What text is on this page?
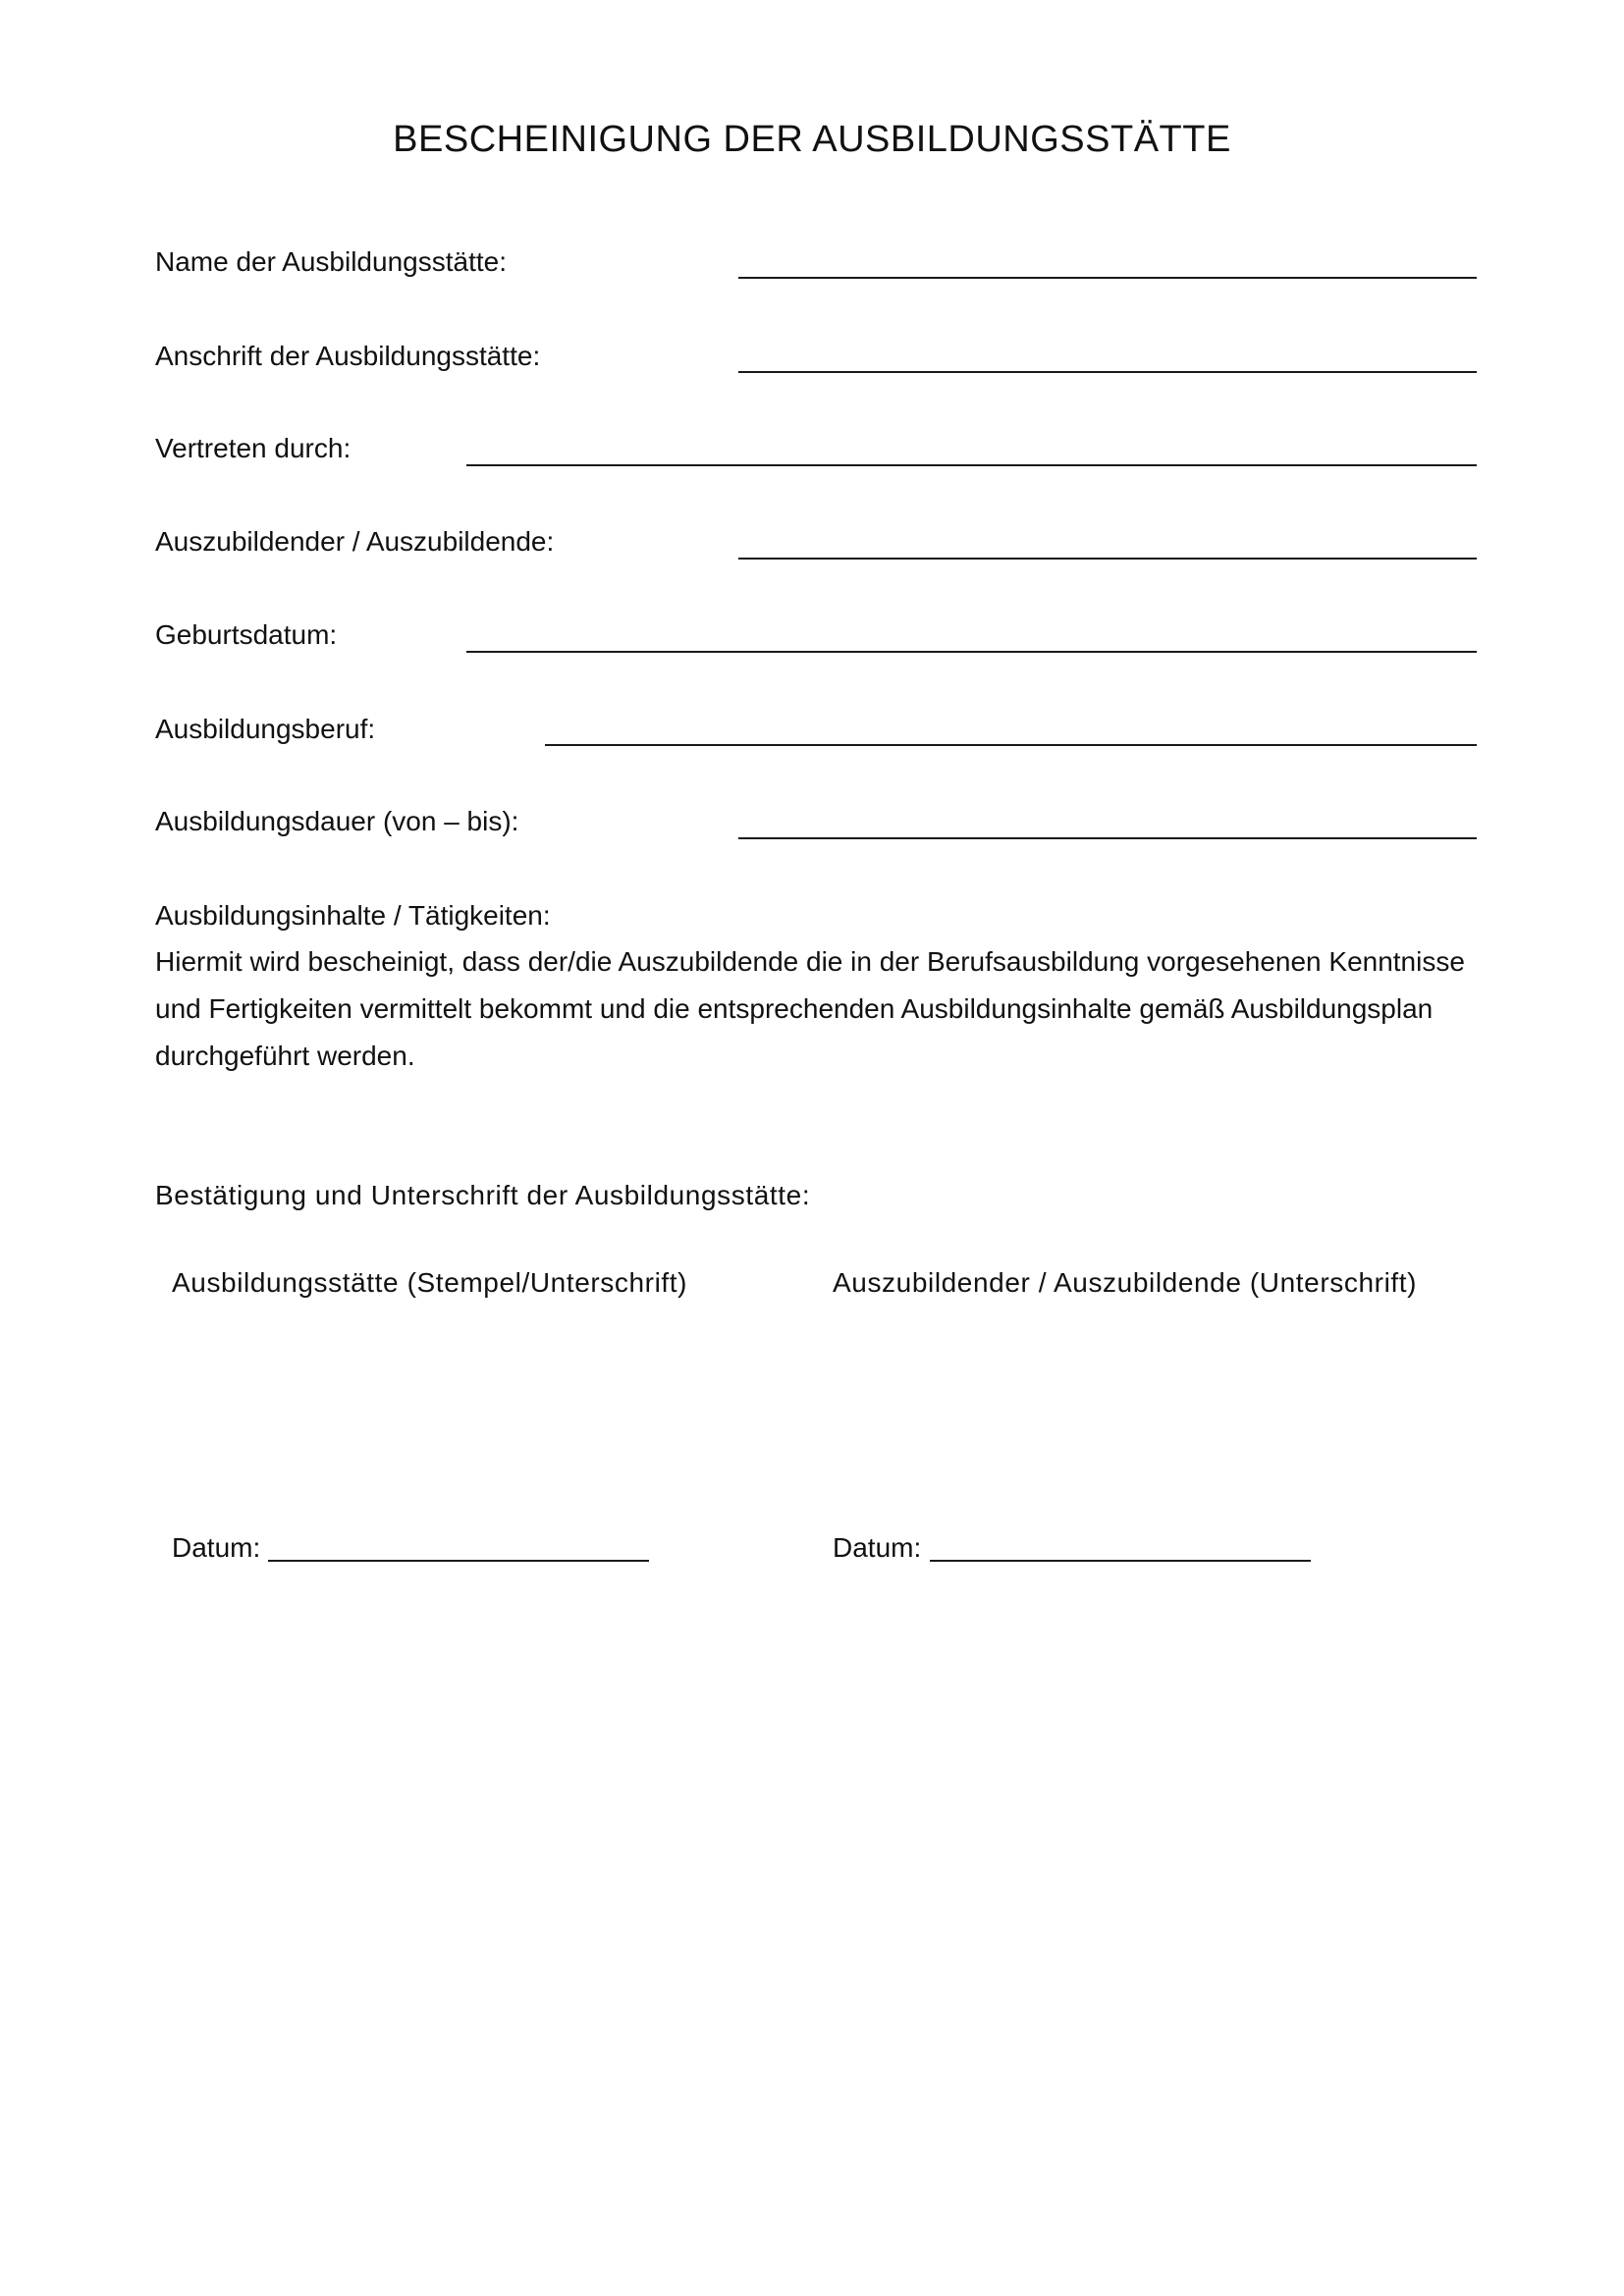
BESCHEINIGUNG DER AUSBILDUNGSSTÄTTE
Name der Ausbildungsstätte:
Anschrift der Ausbildungsstätte:
Vertreten durch:
Auszubildender / Auszubildende:
Geburtsdatum:
Ausbildungsberuf:
Ausbildungsdauer (von – bis):
Ausbildungsinhalte / Tätigkeiten:
Hiermit wird bescheinigt, dass der/die Auszubildende die in der Berufsausbildung vorgesehenen Kenntnisse
und Fertigkeiten vermittelt bekommt und die entsprechenden Ausbildungsinhalte gemäß Ausbildungsplan
durchgeführt werden.
Bestätigung und Unterschrift der Ausbildungsstätte:
Ausbildungsstätte (Stempel/Unterschrift)	Auszubildender / Auszubildende (Unterschrift)
Datum:	Datum:
